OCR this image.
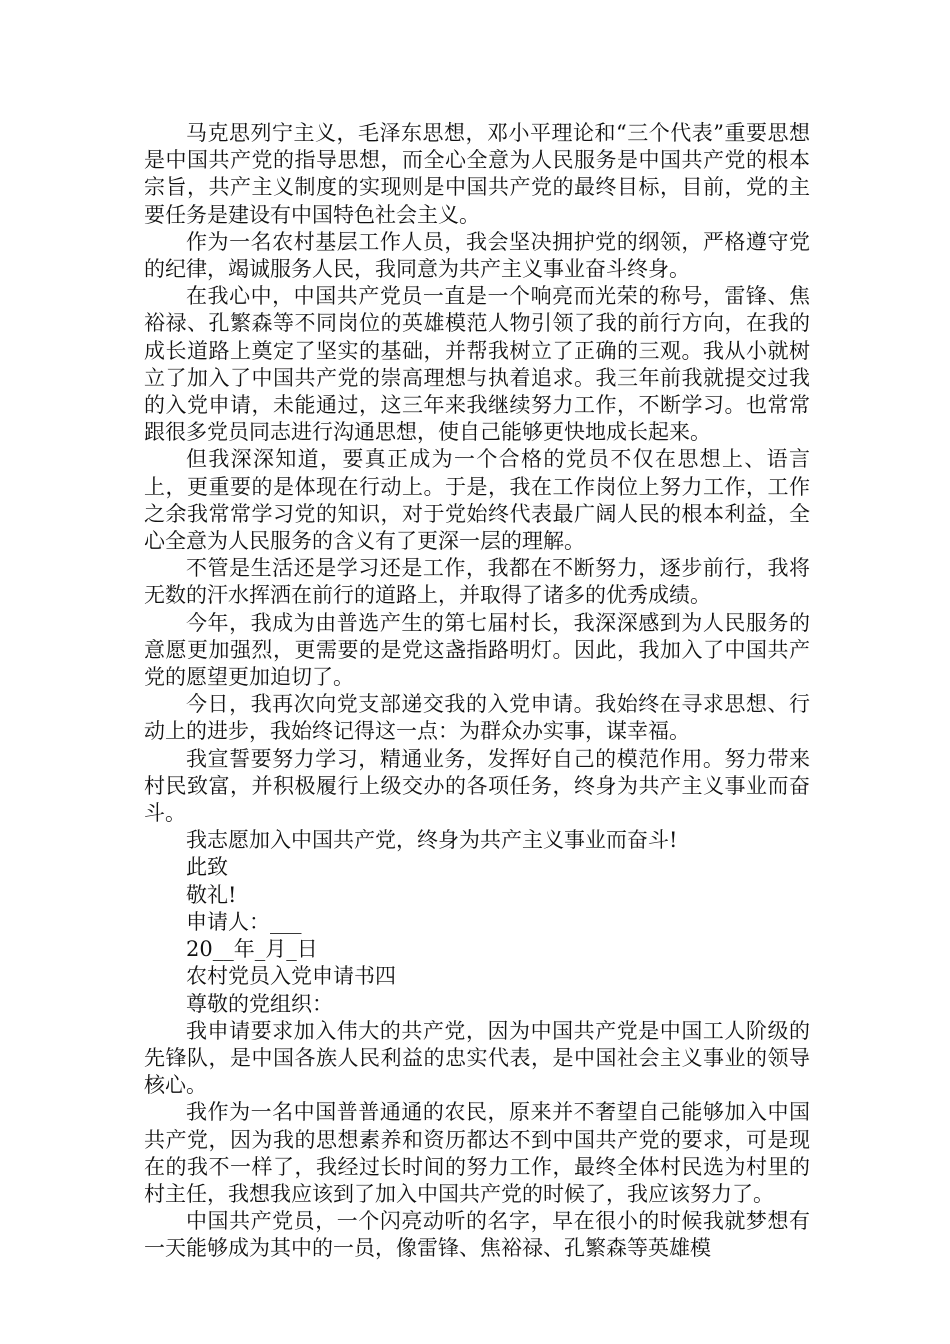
马克思列宁主义，毛泽东思想，邓小平理论和“三个代表”重要思想是中国共产党的指导思想，而全心全意为人民服务是中国共产党的根本宗旨，共产主义制度的实现则是中国共产党的最终目标，目前，党的主要任务是建设有中国特色社会主义。

作为一名农村基层工作人员，我会坚决拥护党的纲领，严格遵守党的纪律，竭诚服务人民，我同意为共产主义事业奋斗终身。

在我心中，中国共产党员一直是一个响亮而光荣的称号，雷锋、焦裕禄、孔繁森等不同岗位的英雄模范人物引领了我的前行方向，在我的成长道路上奠定了坚实的基础，并帮我树立了正确的三观。我从小就树立了加入了中国共产党的崇高理想与执着追求。我三年前我就提交过我的入党申请，未能通过，这三年来我继续努力工作，不断学习。也常常跟很多党员同志进行沟通思想，使自己能够更快地成长起来。

但我深深知道，要真正成为一个合格的党员不仅在思想上、语言上，更重要的是体现在行动上。于是，我在工作岗位上努力工作，工作之余我常常学习党的知识，对于党始终代表最广阔人民的根本利益，全心全意为人民服务的含义有了更深一层的理解。

不管是生活还是学习还是工作，我都在不断努力，逐步前行，我将无数的汗水挥洒在前行的道路上，并取得了诸多的优秀成绩。

今年，我成为由普选产生的第七届村长，我深深感到为人民服务的意愿更加强烈，更需要的是党这盏指路明灯。因此，我加入了中国共产党的愿望更加迫切了。

今日，我再次向党支部递交我的入党申请。我始终在寻求思想、行动上的进步，我始终记得这一点：为群众办实事，谋幸福。

我宣誓要努力学习，精通业务，发挥好自己的模范作用。努力带来村民致富，并积极履行上级交办的各项任务，终身为共产主义事业而奋斗。

我志愿加入中国共产党，终身为共产主义事业而奋斗!

此致

敬礼!

申请人：___

20__年_月_日

农村党员入党申请书四

尊敬的党组织：

我申请要求加入伟大的共产党，因为中国共产党是中国工人阶级的先锋队，是中国各族人民利益的忠实代表，是中国社会主义事业的领导核心。

我作为一名中国普普通通的农民，原来并不奢望自己能够加入中国共产党，因为我的思想素养和资历都达不到中国共产党的要求，可是现在的我不一样了，我经过长时间的努力工作，最终全体村民选为村里的村主任，我想我应该到了加入中国共产党的时候了，我应该努力了。

中国共产党员，一个闪亮动听的名字，早在很小的时候我就梦想有一天能够成为其中的一员，像雷锋、焦裕禄、孔繁森等英雄模
